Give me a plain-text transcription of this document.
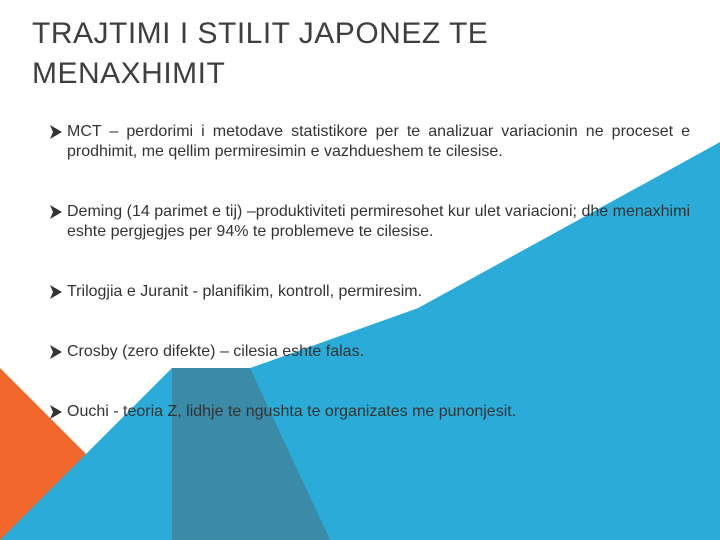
TRAJTIMI I STILIT JAPONEZ TE MENAXHIMIT
MCT – perdorimi i metodave statistikore per te analizuar variacionin ne proceset e prodhimit, me qellim permiresimin e vazhdueshem te cilesise.
Deming (14 parimet e tij) –produktiviteti permiresohet kur ulet variacioni; dhe menaxhimi eshte pergjegjes per 94% te problemeve te cilesise.
Trilogjia e Juranit - planifikim, kontroll, permiresim.
Crosby (zero difekte) – cilesia eshte falas.
Ouchi - teoria Z, lidhje te ngushta te organizates me punonjesit.
